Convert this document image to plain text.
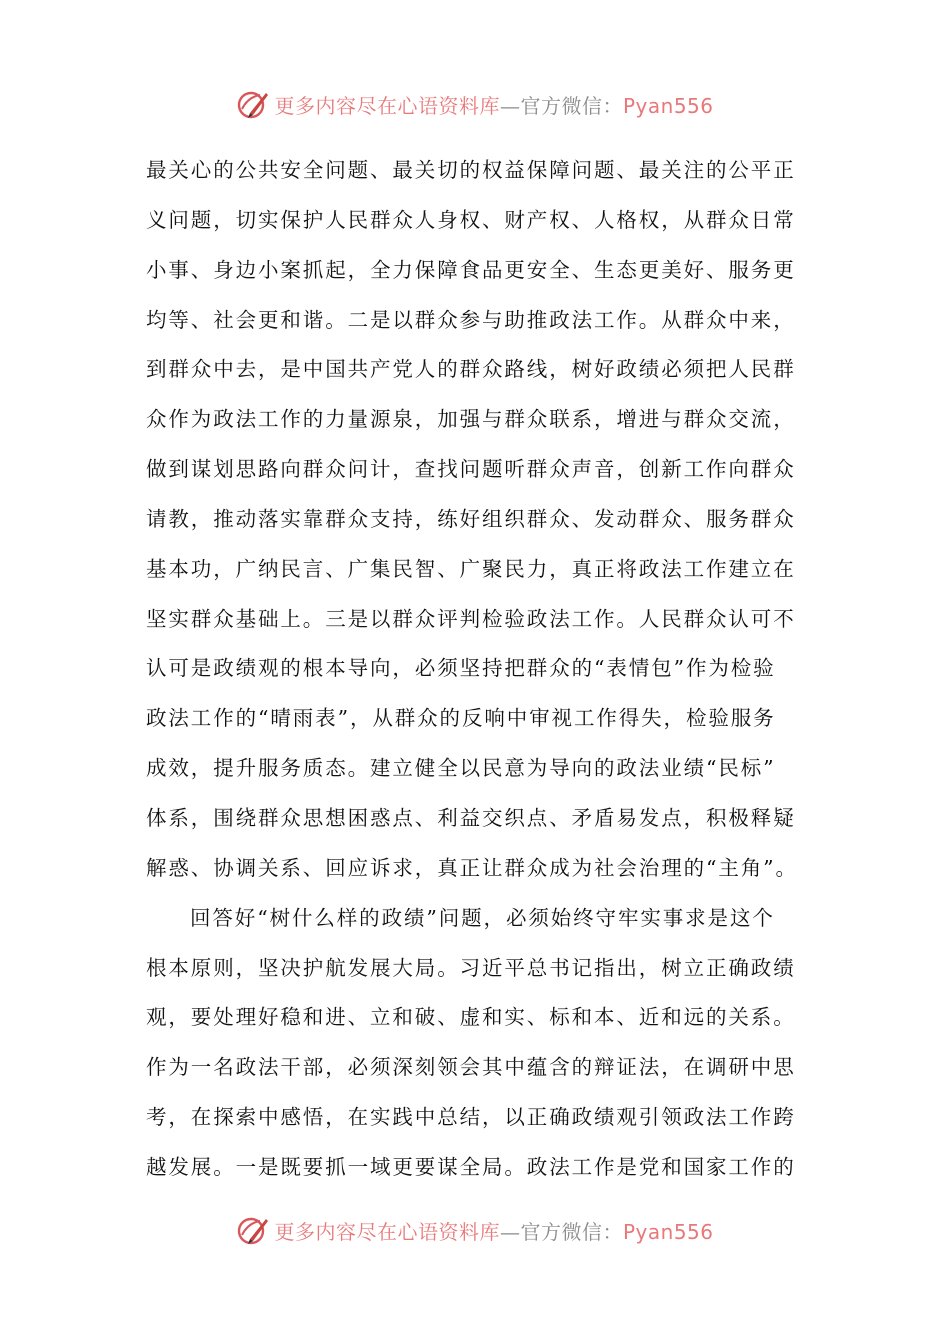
更多内容尽在心语资料库—官方微信：Pyan556
最关心的公共安全问题、最关切的权益保障问题、最关注的公平正
义问题，切实保护人民群众人身权、财产权、人格权，从群众日常
小事、身边小案抓起，全力保障食品更安全、生态更美好、服务更
均等、社会更和谐。二是以群众参与助推政法工作。从群众中来，
到群众中去，是中国共产党人的群众路线，树好政绩必须把人民群
众作为政法工作的力量源泉，加强与群众联系，增进与群众交流，
做到谋划思路向群众问计，查找问题听群众声音，创新工作向群众
请教，推动落实靠群众支持，练好组织群众、发动群众、服务群众
基本功，广纳民言、广集民智、广聚民力，真正将政法工作建立在
坚实群众基础上。三是以群众评判检验政法工作。人民群众认可不
认可是政绩观的根本导向，必须坚持把群众的“表情包”作为检验
政法工作的“晴雨表”，从群众的反响中审视工作得失，检验服务
成效，提升服务质态。建立健全以民意为导向的政法业绩“民标”
体系，围绕群众思想困惑点、利益交织点、矛盾易发点，积极释疑
解惑、协调关系、回应诉求，真正让群众成为社会治理的“主角”。
回答好“树什么样的政绩”问题，必须始终守牢实事求是这个
根本原则，坚决护航发展大局。习近平总书记指出，树立正确政绩
观，要处理好稳和进、立和破、虚和实、标和本、近和远的关系。
作为一名政法干部，必须深刻领会其中蕴含的辩证法，在调研中思
考，在探索中感悟，在实践中总结，以正确政绩观引领政法工作跨
越发展。一是既要抓一域更要谋全局。政法工作是党和国家工作的
更多内容尽在心语资料库—官方微信：Pyan556
